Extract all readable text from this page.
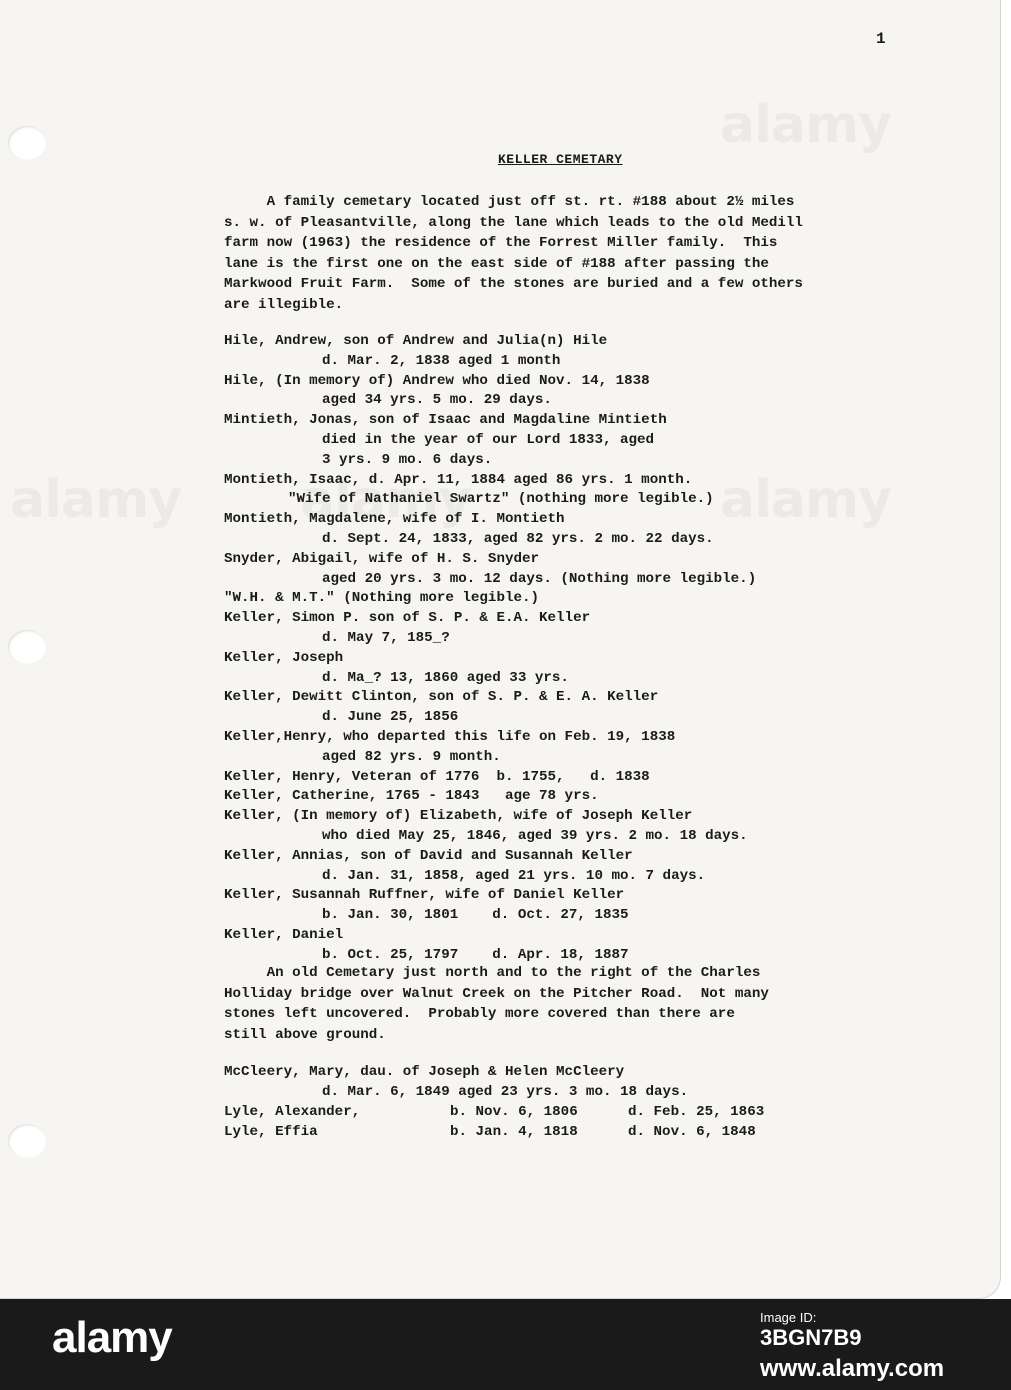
1
KELLER CEMETARY
A family cemetary located just off st. rt. #188 about 2½ miles
s. w. of Pleasantville, along the lane which leads to the old Medill
farm now (1963) the residence of the Forrest Miller family.  This
lane is the first one on the east side of #188 after passing the
Markwood Fruit Farm.  Some of the stones are buried and a few others
are illegible.
Hile, Andrew, son of Andrew and Julia(n) Hile
d. Mar. 2, 1838 aged 1 month
Hile, (In memory of) Andrew who died Nov. 14, 1838
aged 34 yrs. 5 mo. 29 days.
Mintieth, Jonas, son of Isaac and Magdaline Mintieth
died in the year of our Lord 1833, aged
3 yrs. 9 mo. 6 days.
Montieth, Isaac, d. Apr. 11, 1884 aged 86 yrs. 1 month.
"Wife of Nathaniel Swartz" (nothing more legible.)
Montieth, Magdalene, wife of I. Montieth
d. Sept. 24, 1833, aged 82 yrs. 2 mo. 22 days.
Snyder, Abigail, wife of H. S. Snyder
aged 20 yrs. 3 mo. 12 days. (Nothing more legible.)
"W.H. & M.T." (Nothing more legible.)
Keller, Simon P. son of S. P. & E.A. Keller
d. May 7, 185_?
Keller, Joseph
d. Ma_? 13, 1860 aged 33 yrs.
Keller, Dewitt Clinton, son of S. P. & E. A. Keller
d. June 25, 1856
Keller,Henry, who departed this life on Feb. 19, 1838
aged 82 yrs. 9 month.
Keller, Henry, Veteran of 1776  b. 1755,   d. 1838
Keller, Catherine, 1765 - 1843   age 78 yrs.
Keller, (In memory of) Elizabeth, wife of Joseph Keller
who died May 25, 1846, aged 39 yrs. 2 mo. 18 days.
Keller, Annias, son of David and Susannah Keller
d. Jan. 31, 1858, aged 21 yrs. 10 mo. 7 days.
Keller, Susannah Ruffner, wife of Daniel Keller
b. Jan. 30, 1801    d. Oct. 27, 1835
Keller, Daniel
b. Oct. 25, 1797    d. Apr. 18, 1887
An old Cemetary just north and to the right of the Charles
Holliday bridge over Walnut Creek on the Pitcher Road.  Not many
stones left uncovered.  Probably more covered than there are
still above ground.
McCleery, Mary, dau. of Joseph & Helen McCleery
d. Mar. 6, 1849 aged 23 yrs. 3 mo. 18 days.
Lyle, Alexander,	b. Nov. 6, 1806	d. Feb. 25, 1863
Lyle, Effia	b. Jan. 4, 1818	d. Nov. 6, 1848
alamy	Image ID:
3BGN7B9
www.alamy.com
